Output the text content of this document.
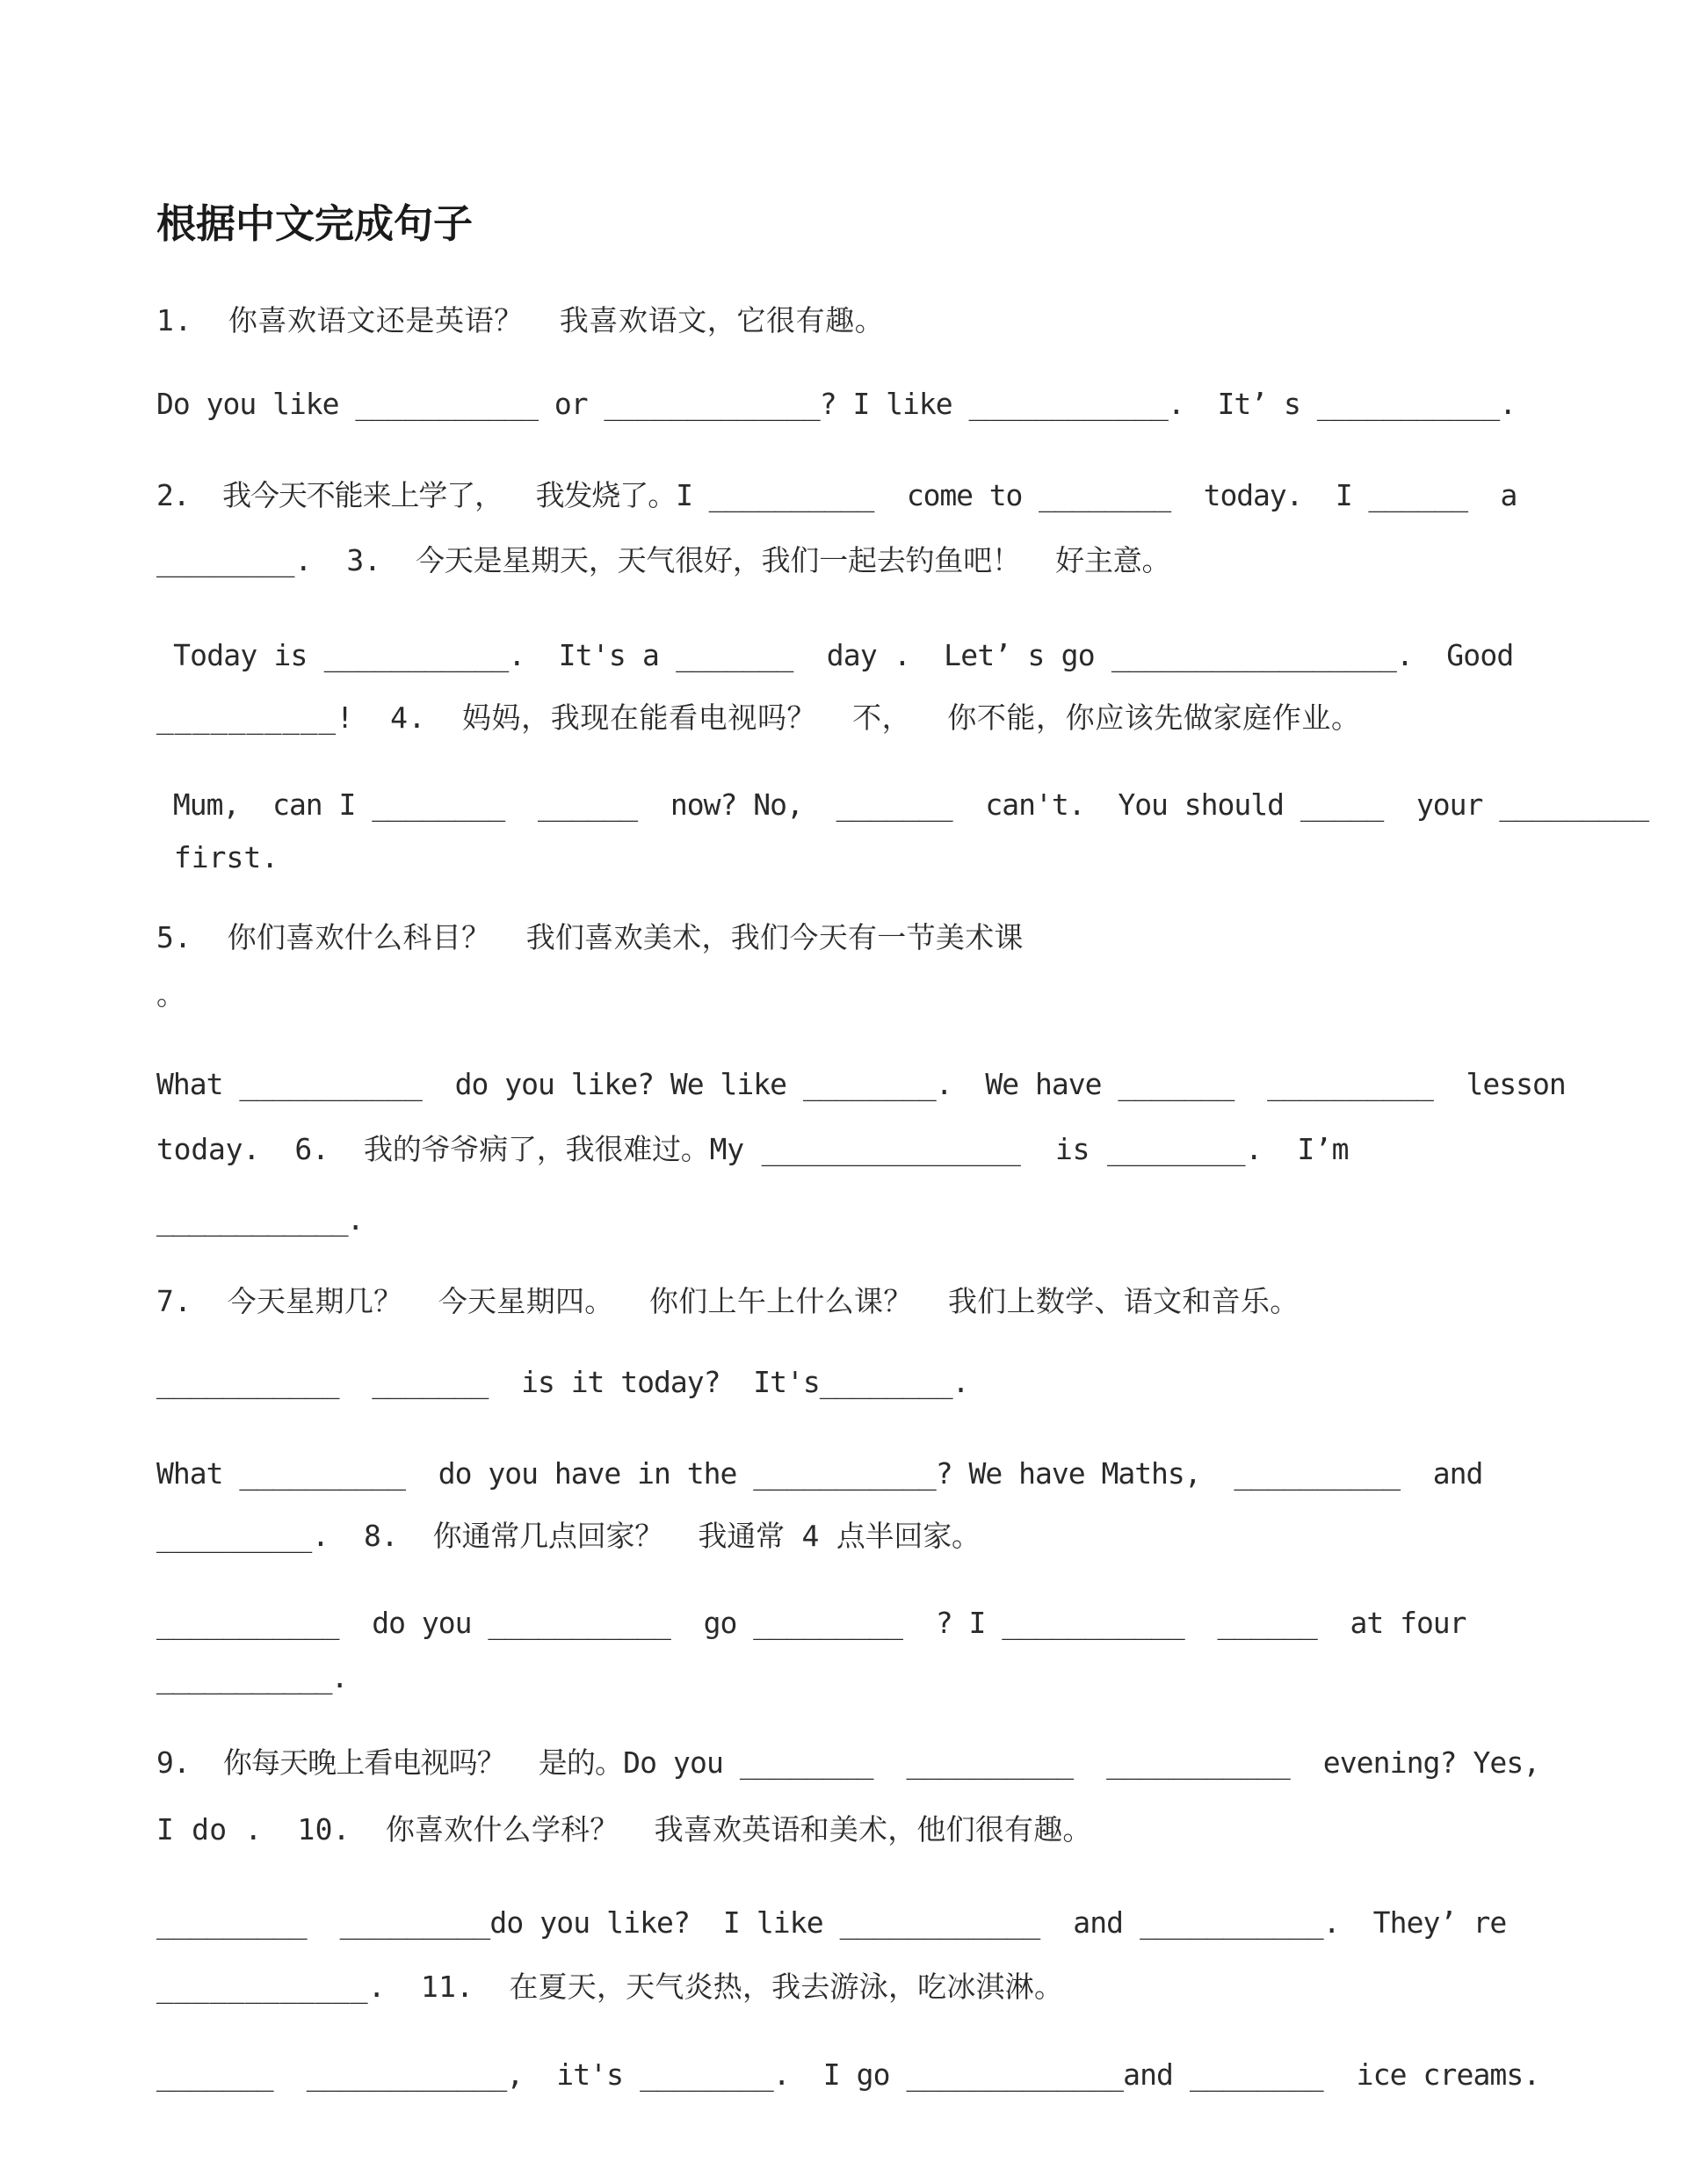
根据中文完成句子
1.  你喜欢语文还是英语？  我喜欢语文，它很有趣。
Do you like ___________ or _____________? I like ____________.  It’ s ___________.
2.  我今天不能来上学了，  我发烧了。I __________  come to ________  today.  I ______  a
________.  3.  今天是星期天，天气很好，我们一起去钓鱼吧！  好主意。
Today is ___________.  It's a _______  day .  Let’ s go _________________.  Good
__________!  4.  妈妈，我现在能看电视吗？  不，  你不能，你应该先做家庭作业。
Mum,  can I ________  ______  now? No,  _______  can't.  You should _____  your _________
first.
5.  你们喜欢什么科目？  我们喜欢美术，我们今天有一节美术课
。
What ___________  do you like? We like ________.  We have _______  __________  lesson
today.  6.  我的爷爷病了，我很难过。My _______________  is ________.  I’m
____________.
7.  今天星期几？  今天星期四。  你们上午上什么课？  我们上数学、语文和音乐。
___________  _______  is it today?  It's________.
What __________  do you have in the ___________? We have Maths,  __________  and
_________.  8.  你通常几点回家？  我通常 4 点半回家。
___________  do you ___________  go _________  ? I ___________  ______  at four
___________.
9.  你每天晚上看电视吗？  是的。Do you ________  __________  ___________  evening? Yes,
I do .  10.  你喜欢什么学科？  我喜欢英语和美术，他们很有趣。
_________  _________do you like?  I like ____________  and ___________.  They’ re
____________.  11.  在夏天，天气炎热，我去游泳，吃冰淇淋。
_______  ____________,  it's ________.  I go _____________and ________  ice creams.
